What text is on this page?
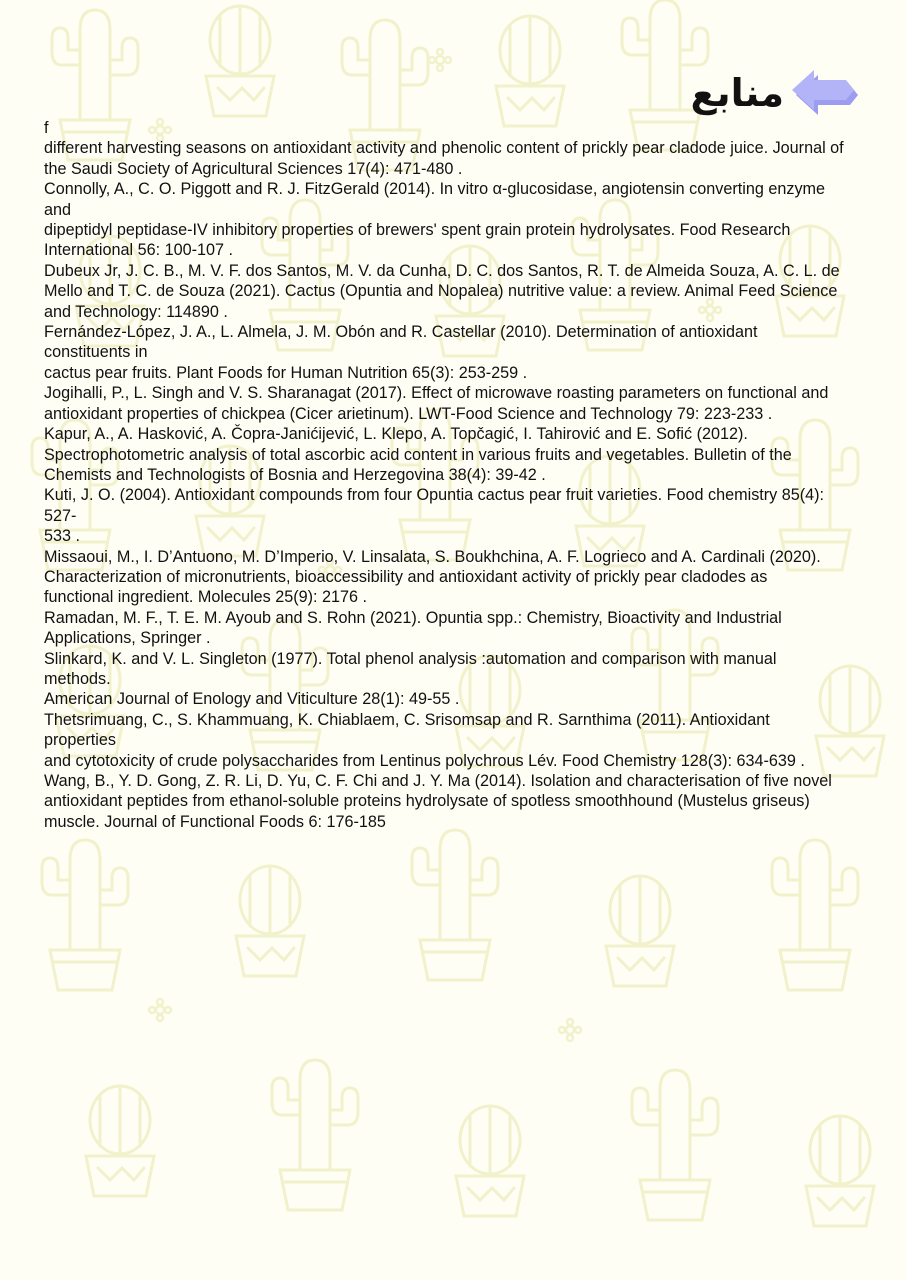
منابع
f
different harvesting seasons on antioxidant activity and phenolic content of prickly pear cladode juice. Journal of
the Saudi Society of Agricultural Sciences 17(4): 471-480 .
Connolly, A., C. O. Piggott and R. J. FitzGerald (2014). In vitro α-glucosidase, angiotensin converting enzyme and
dipeptidyl peptidase-IV inhibitory properties of brewers' spent grain protein hydrolysates. Food Research
International 56: 100-107 .
Dubeux Jr, J. C. B., M. V. F. dos Santos, M. V. da Cunha, D. C. dos Santos, R. T. de Almeida Souza, A. C. L. de
Mello and T. C. de Souza (2021). Cactus (Opuntia and Nopalea) nutritive value: a review. Animal Feed Science
and Technology: 114890 .
Fernández-López, J. A., L. Almela, J. M. Obón and R. Castellar (2010). Determination of antioxidant constituents in
cactus pear fruits. Plant Foods for Human Nutrition 65(3): 253-259 .
Jogihalli, P., L. Singh and V. S. Sharanagat (2017). Effect of microwave roasting parameters on functional and
antioxidant properties of chickpea (Cicer arietinum). LWT-Food Science and Technology 79: 223-233 .
Kapur, A., A. Hasković, A. Čopra-Janićijević, L. Klepo, A. Topčagić, I. Tahirović and E. Sofić (2012).
Spectrophotometric analysis of total ascorbic acid content in various fruits and vegetables. Bulletin of the
Chemists and Technologists of Bosnia and Herzegovina 38(4): 39-42 .
Kuti, J. O. (2004). Antioxidant compounds from four Opuntia cactus pear fruit varieties. Food chemistry 85(4): 527-
533 .
Missaoui, M., I. D’Antuono, M. D’Imperio, V. Linsalata, S. Boukhchina, A. F. Logrieco and A. Cardinali (2020).
Characterization of micronutrients, bioaccessibility and antioxidant activity of prickly pear cladodes as
functional ingredient. Molecules 25(9): 2176 .
Ramadan, M. F., T. E. M. Ayoub and S. Rohn (2021). Opuntia spp.: Chemistry, Bioactivity and Industrial
Applications, Springer .
Slinkard, K. and V. L. Singleton (1977). Total phenol analysis :automation and comparison with manual methods.
American Journal of Enology and Viticulture 28(1): 49-55 .
Thetsrimuang, C., S. Khammuang, K. Chiablaem, C. Srisomsap and R. Sarnthima (2011). Antioxidant properties
and cytotoxicity of crude polysaccharides from Lentinus polychrous Lév. Food Chemistry 128(3): 634-639 .
Wang, B., Y. D. Gong, Z. R. Li, D. Yu, C. F. Chi and J. Y. Ma (2014). Isolation and characterisation of five novel
antioxidant peptides from ethanol-soluble proteins hydrolysate of spotless smoothhound (Mustelus griseus)
muscle. Journal of Functional Foods 6: 176-185
